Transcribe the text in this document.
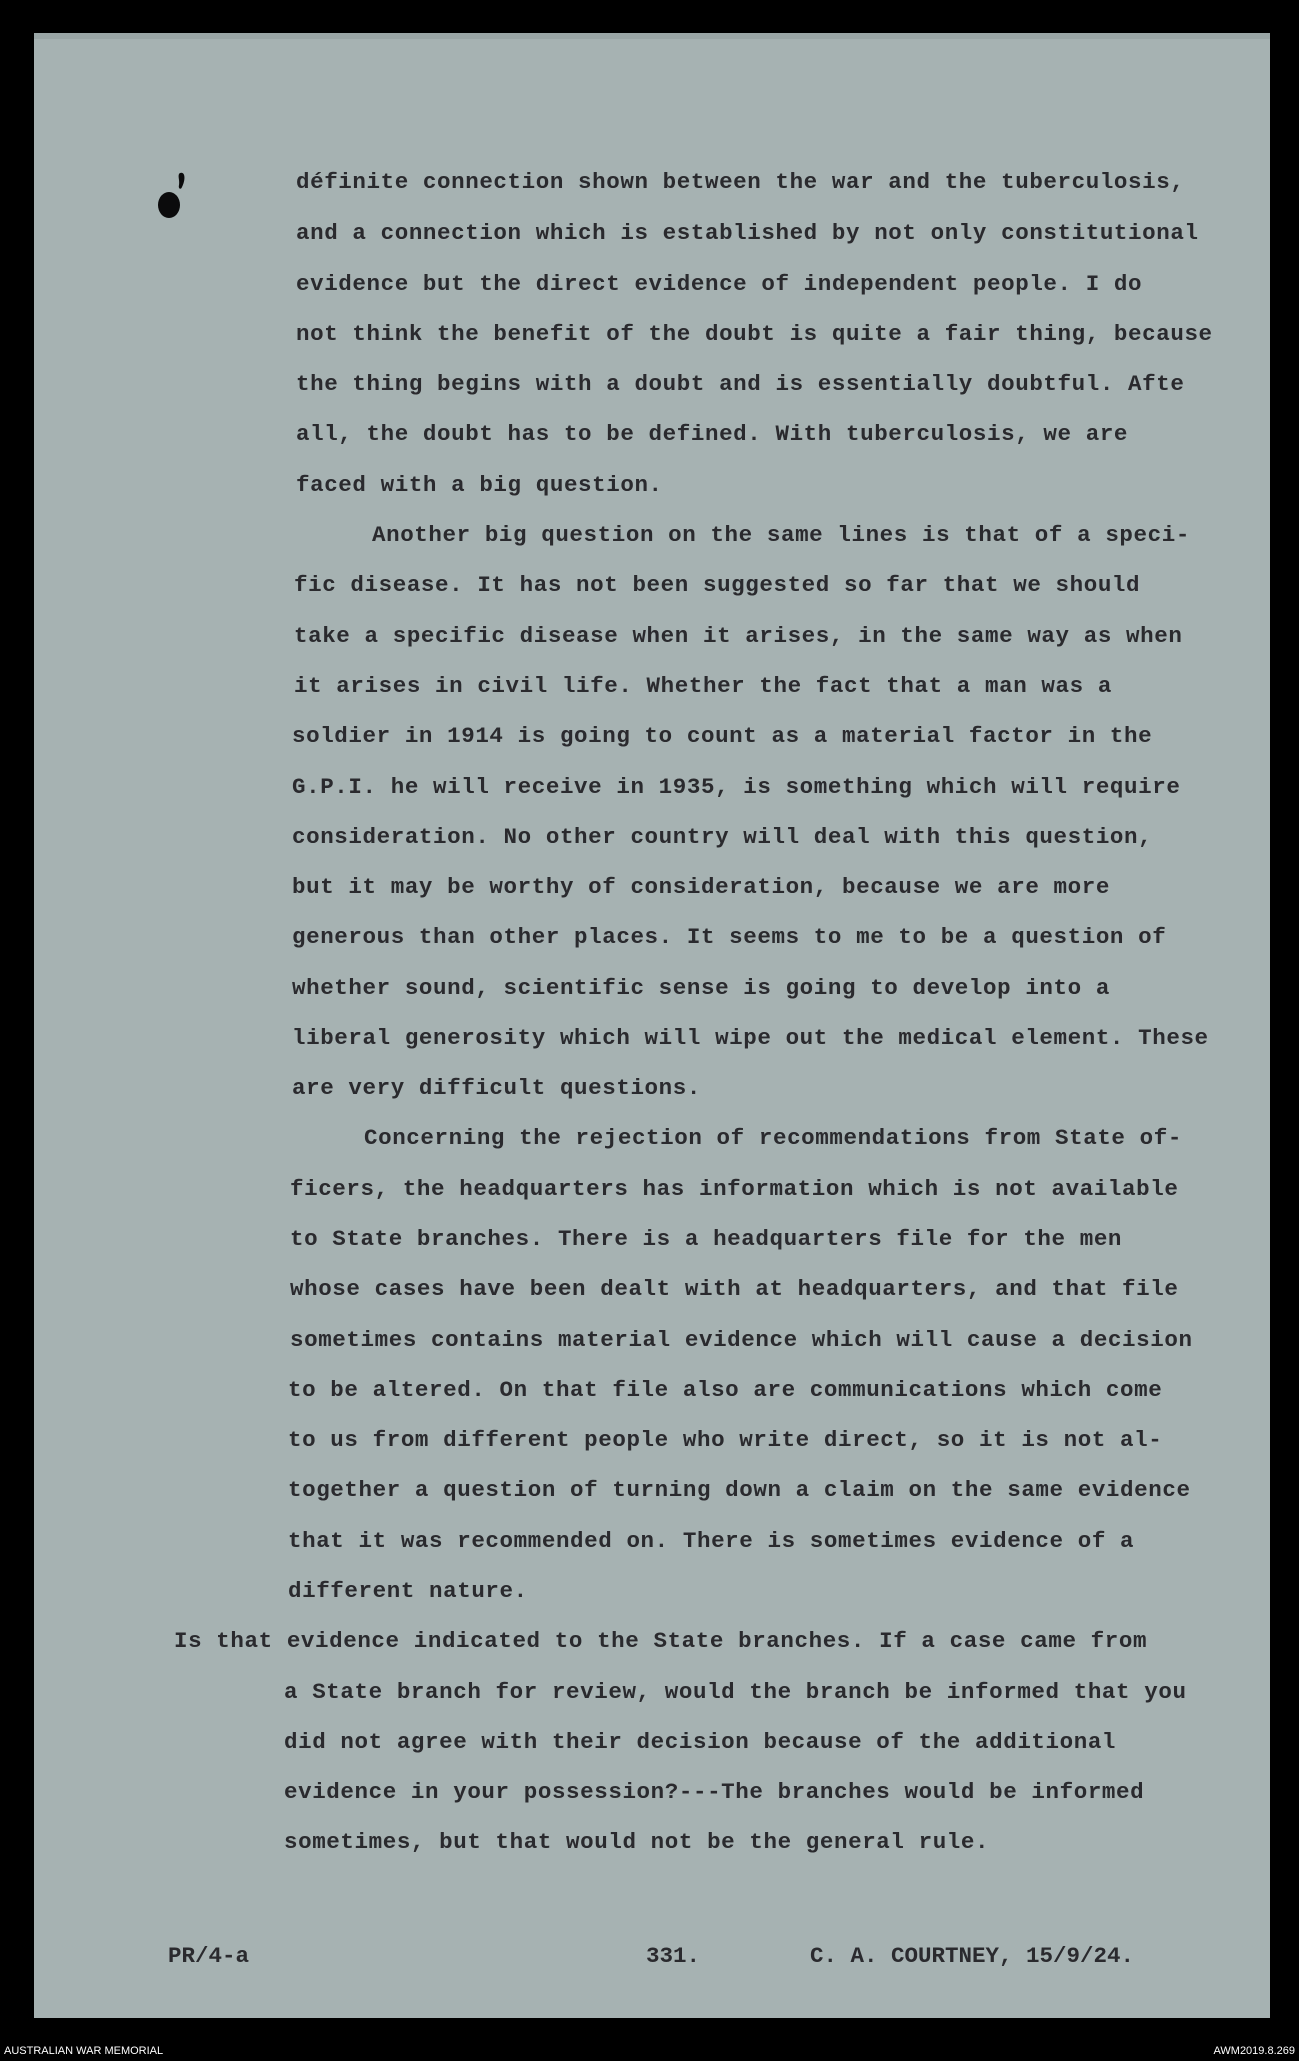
définite connection shown between the war and the tuberculosis,
and a connection which is established by not only constitutional
evidence but the direct evidence of independent people. I do
not think the benefit of the doubt is quite a fair thing, because
the thing begins with a doubt and is essentially doubtful. Afte
all, the doubt has to be defined. With tuberculosis, we are
faced with a big question.
Another big question on the same lines is that of a speci-
fic disease. It has not been suggested so far that we should
take a specific disease when it arises, in the same way as when
it arises in civil life. Whether the fact that a man was a
soldier in 1914 is going to count as a material factor in the
G.P.I. he will receive in 1935, is something which will require
consideration. No other country will deal with this question,
but it may be worthy of consideration, because we are more
generous than other places. It seems to me to be a question of
whether sound, scientific sense is going to develop into a
liberal generosity which will wipe out the medical element. These
are very difficult questions.
Concerning the rejection of recommendations from State of-
ficers, the headquarters has information which is not available
to State branches. There is a headquarters file for the men
whose cases have been dealt with at headquarters, and that file
sometimes contains material evidence which will cause a decision
to be altered. On that file also are communications which come
to us from different people who write direct, so it is not al-
together a question of turning down a claim on the same evidence
that it was recommended on. There is sometimes evidence of a
different nature.
Is that evidence indicated to the State branches. If a case came from
a State branch for review, would the branch be informed that you
did not agree with their decision because of the additional
evidence in your possession?---The branches would be informed
sometimes, but that would not be the general rule.
PR/4-a	331.	C. A. COURTNEY, 15/9/24.
AUSTRALIAN WAR MEMORIAL	AWM2019.8.269
